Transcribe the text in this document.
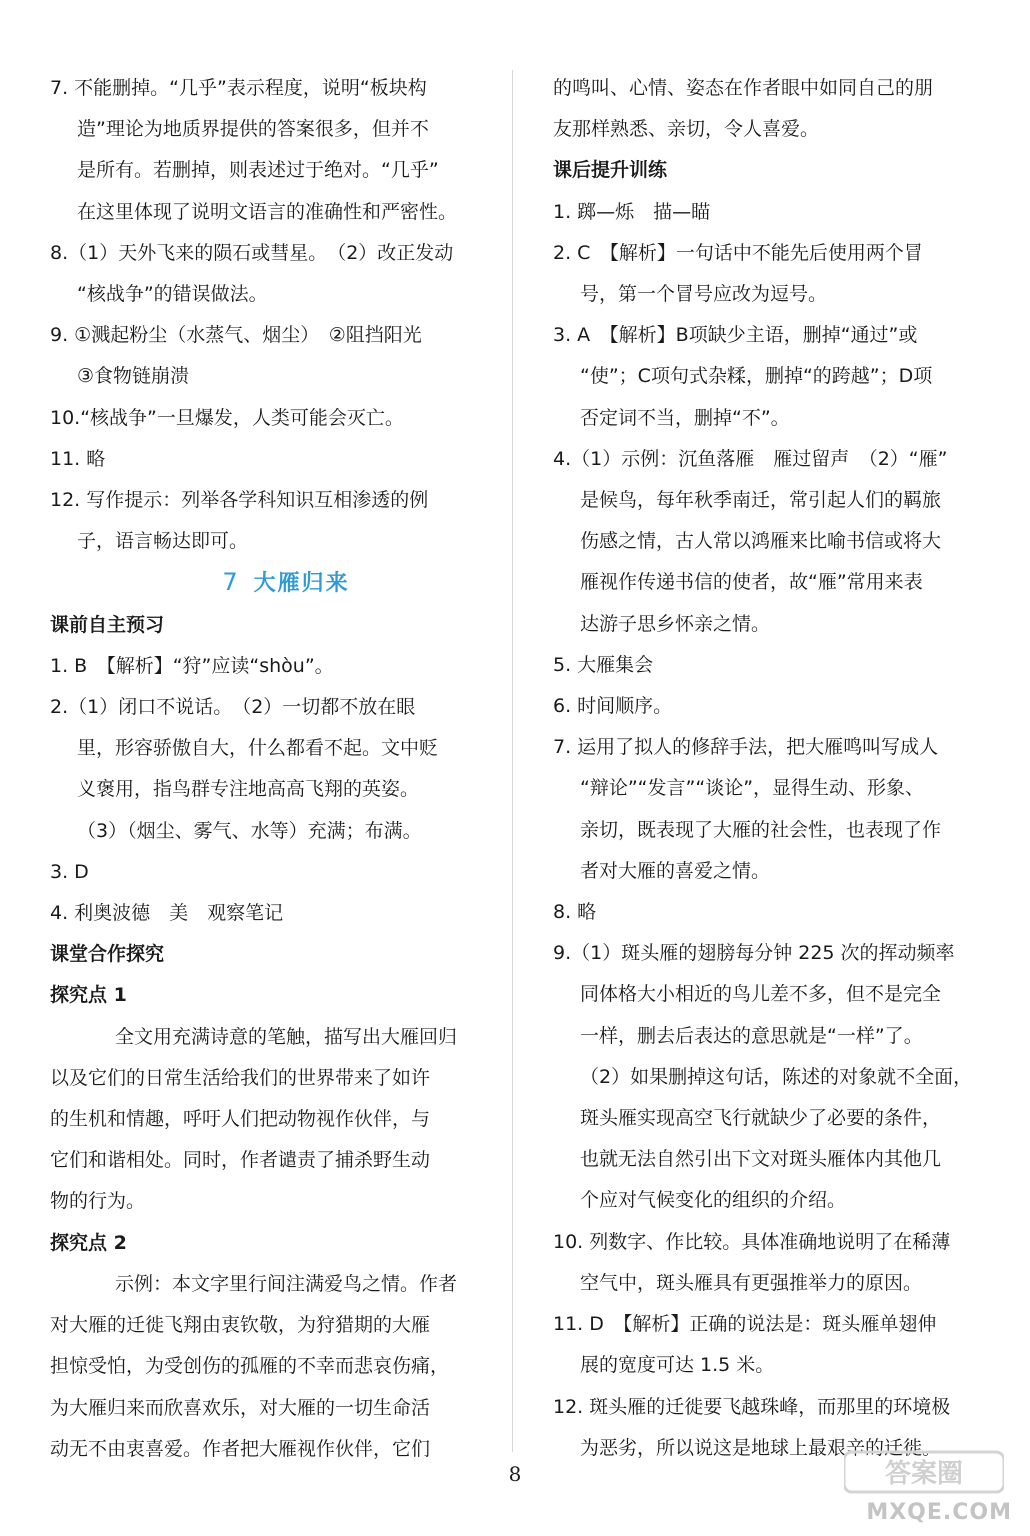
7. 不能删掉。“几乎”表示程度，说明“板块构
造”理论为地质界提供的答案很多，但并不
是所有。若删掉，则表述过于绝对。“几乎”
在这里体现了说明文语言的准确性和严密性。
8.（1）天外飞来的陨石或彗星。　（2）改正发动
“核战争”的错误做法。
9. ①溅起粉尘（水蒸气、烟尘）　②阻挡阳光
③食物链崩溃
10.“核战争”一旦爆发，人类可能会灭亡。
11. 略
12. 写作提示：列举各学科知识互相渗透的例
子，语言畅达即可。
7 大雁归来
课前自主预习
1. B　【解析】“狩”应读“shòu”。
2.（1）闭口不说话。　（2）一切都不放在眼
里，形容骄傲自大，什么都看不起。文中贬
义褒用，指鸟群专注地高高飞翔的英姿。
（3）（烟尘、雾气、水等）充满；布满。
3. D
4. 利奥波德　美　观察笔记
课堂合作探究
探究点 1
全文用充满诗意的笔触，描写出大雁回归
以及它们的日常生活给我们的世界带来了如许
的生机和情趣，呼吁人们把动物视作伙伴，与
它们和谐相处。同时，作者谴责了捕杀野生动
物的行为。
探究点 2
示例：本文字里行间注满爱鸟之情。作者
对大雁的迁徙飞翔由衷钦敬，为狩猎期的大雁
担惊受怕，为受创伤的孤雁的不幸而悲哀伤痛，
为大雁归来而欣喜欢乐，对大雁的一切生命活
动无不由衷喜爱。作者把大雁视作伙伴，它们
的鸣叫、心情、姿态在作者眼中如同自己的朋
友那样熟悉、亲切，令人喜爱。
课后提升训练
1. 踯—烁　描—瞄
2. C　【解析】一句话中不能先后使用两个冒
号，第一个冒号应改为逗号。
3. A　【解析】B项缺少主语，删掉“通过”或
“使”；C项句式杂糅，删掉“的跨越”；D项
否定词不当，删掉“不”。
4.（1）示例：沉鱼落雁　雁过留声　（2）“雁”
是候鸟，每年秋季南迁，常引起人们的羁旅
伤感之情，古人常以鸿雁来比喻书信或将大
雁视作传递书信的使者，故“雁”常用来表
达游子思乡怀亲之情。
5. 大雁集会
6. 时间顺序。
7. 运用了拟人的修辞手法，把大雁鸣叫写成人
“辩论”“发言”“谈论”，显得生动、形象、
亲切，既表现了大雁的社会性，也表现了作
者对大雁的喜爱之情。
8. 略
9.（1）斑头雁的翅膀每分钟 225 次的挥动频率
同体格大小相近的鸟儿差不多，但不是完全
一样，删去后表达的意思就是“一样”了。
（2）如果删掉这句话，陈述的对象就不全面，
斑头雁实现高空飞行就缺少了必要的条件，
也就无法自然引出下文对斑头雁体内其他几
个应对气候变化的组织的介绍。
10. 列数字、作比较。具体准确地说明了在稀薄
空气中，斑头雁具有更强推举力的原因。
11. D　【解析】正确的说法是：斑头雁单翅伸
展的宽度可达 1.5 米。
12. 斑头雁的迁徙要飞越珠峰，而那里的环境极
为恶劣，所以说这是地球上最艰辛的迁徙。
8	答案圈
MXQE.COM
